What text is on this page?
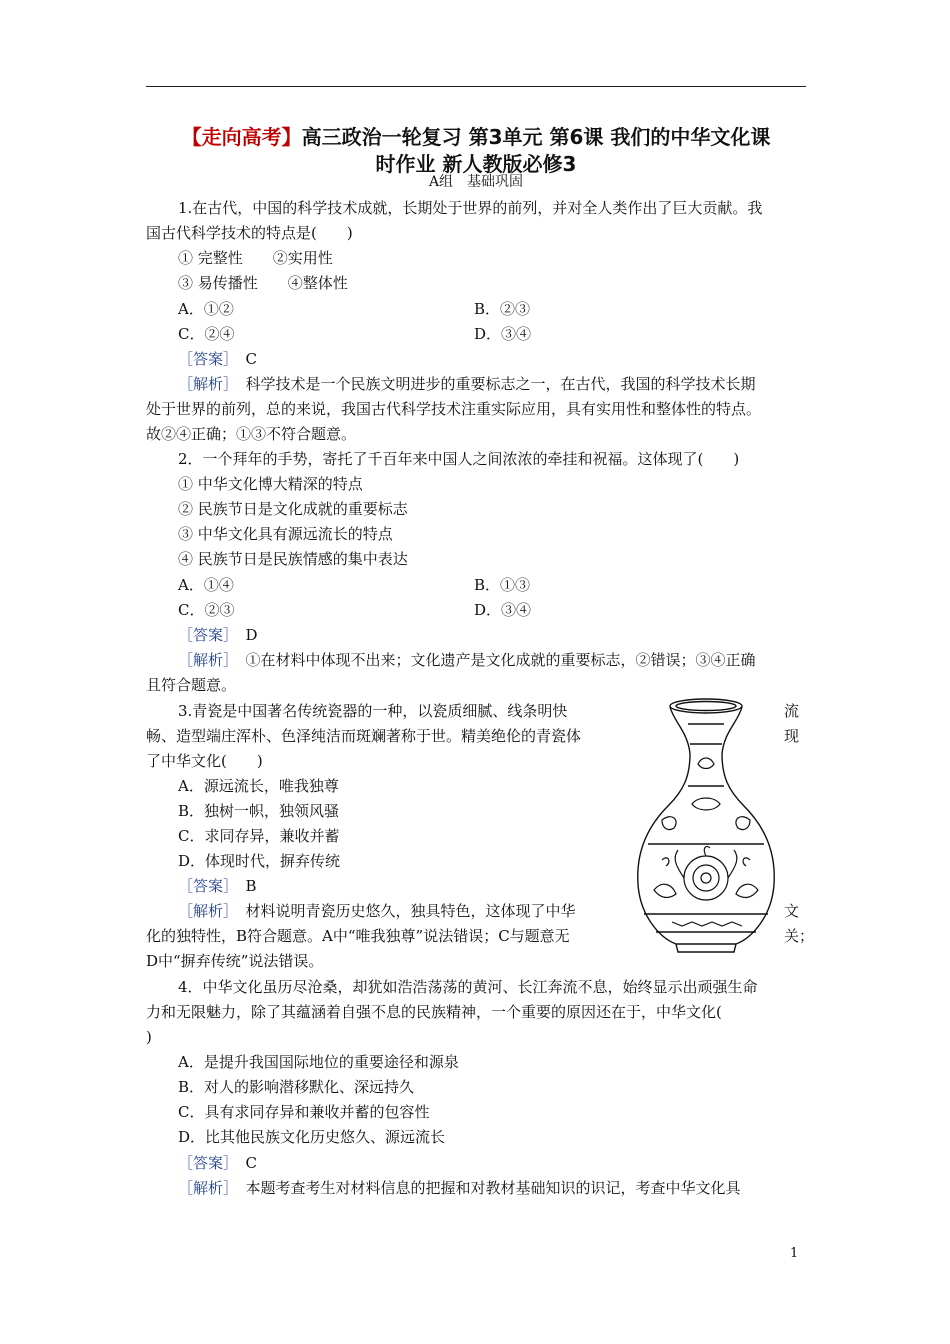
【走向高考】高三政治一轮复习 第3单元 第6课 我们的中华文化课
时作业 新人教版必修3
A组　基础巩固
1.在古代，中国的科学技术成就，长期处于世界的前列，并对全人类作出了巨大贡献。我
国古代科学技术的特点是(　　)
① 完整性　　②实用性
③ 易传播性　　④整体性
A．①②	B．②③
C．②④	D．③④
［答案］　 C
［解析］　 科学技术是一个民族文明进步的重要标志之一，在古代，我国的科学技术长期
处于世界的前列，总的来说，我国古代科学技术注重实际应用，具有实用性和整体性的特点。
故②④正确；①③不符合题意。
2．一个拜年的手势，寄托了千百年来中国人之间浓浓的牵挂和祝福。这体现了(　　)
① 中华文化博大精深的特点
② 民族节日是文化成就的重要标志
③ 中华文化具有源远流长的特点
④ 民族节日是民族情感的集中表达
A．①④	B．①③
C．②③	D．③④
［答案］　 D
［解析］　 ①在材料中体现不出来；文化遗产是文化成就的重要标志，②错误；③④正确
且符合题意。
3.青瓷是中国著名传统瓷器的一种，以瓷质细腻、线条明快	流
畅、造型端庄浑朴、色泽纯洁而斑斓著称于世。精美绝伦的青瓷体	现
了中华文化(　　)
A．源远流长，唯我独尊
B．独树一帜，独领风骚
C．求同存异，兼收并蓄
D．体现时代，摒弃传统
［答案］　 B
［解析］　 材料说明青瓷历史悠久，独具特色，这体现了中华	文
化的独特性，B符合题意。A中“唯我独尊”说法错误；C与题意无	关；
D中“摒弃传统”说法错误。
4．中华文化虽历尽沧桑，却犹如浩浩荡荡的黄河、长江奔流不息，始终显示出顽强生命
力和无限魅力，除了其蕴涵着自强不息的民族精神，一个重要的原因还在于，中华文化(
)
A．是提升我国国际地位的重要途径和源泉
B．对人的影响潜移默化、深远持久
C．具有求同存异和兼收并蓄的包容性
D．比其他民族文化历史悠久、源远流长
［答案］　 C
［解析］　 本题考查考生对材料信息的把握和对教材基础知识的识记，考查中华文化具
1
